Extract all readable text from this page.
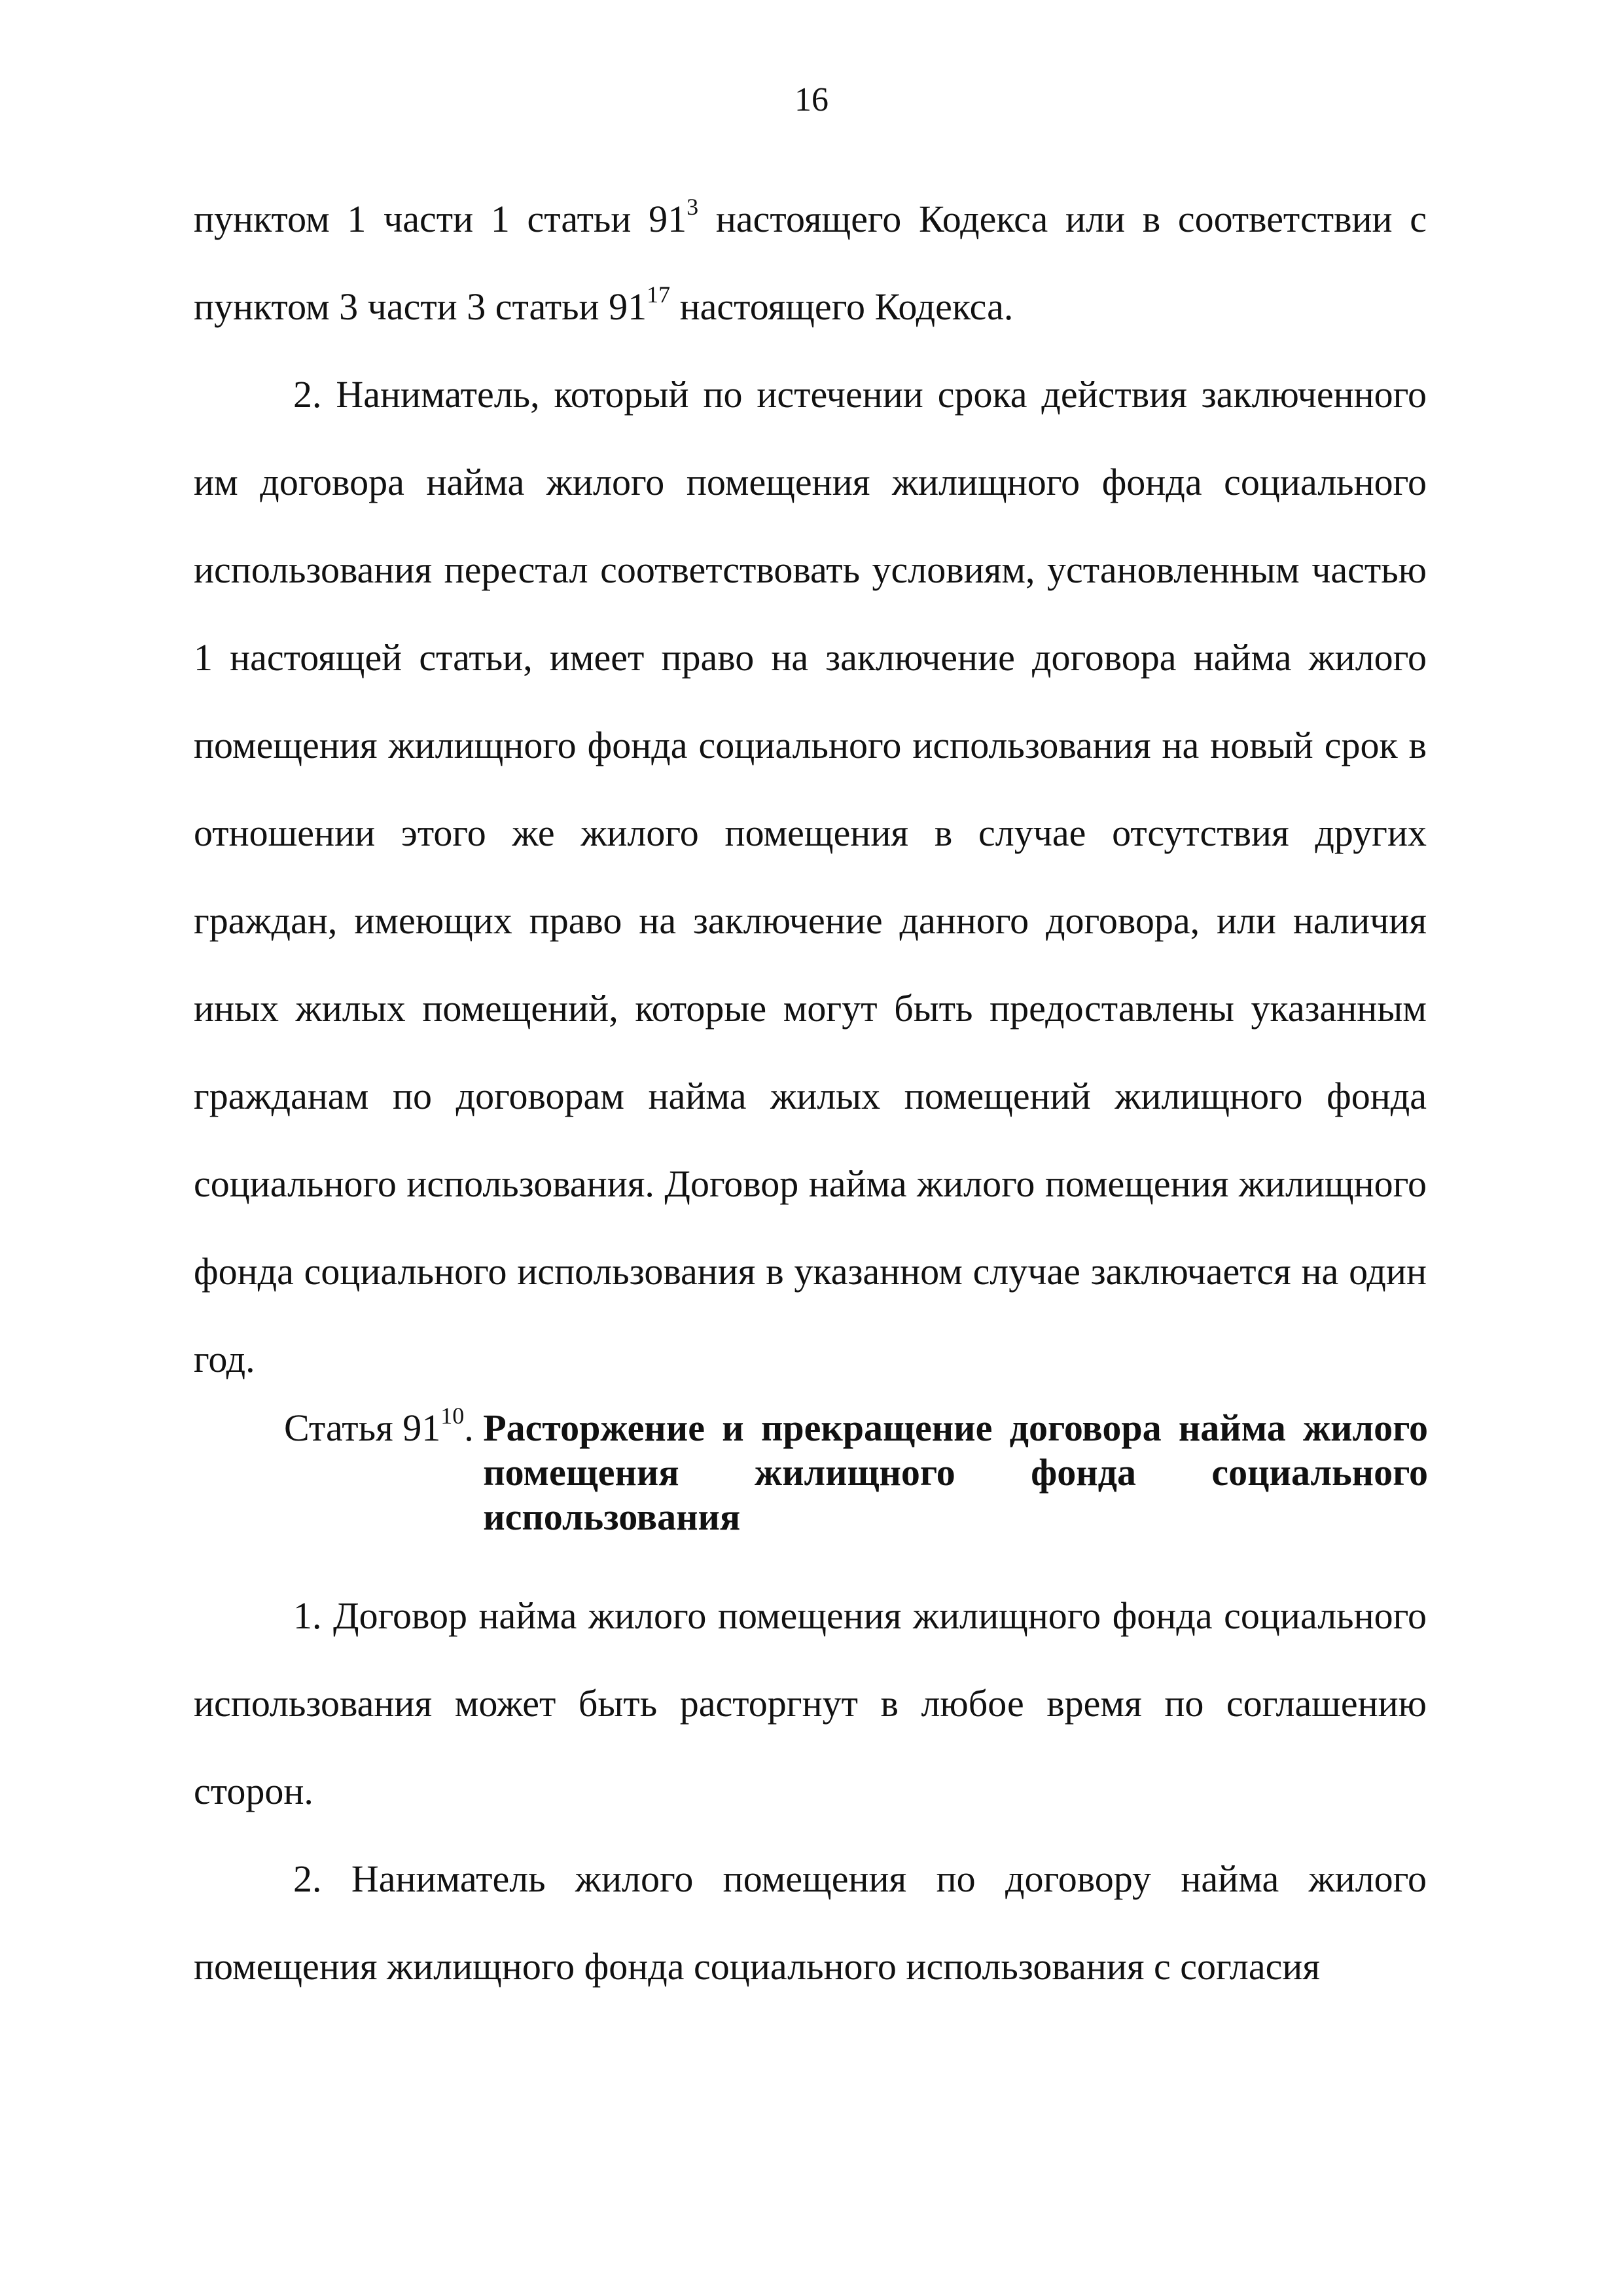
16

пунктом 1 части 1 статьи $91^3$ настоящего Кодекса или в соответствии с пунктом 3 части 3 статьи $91^{17}$ настоящего Кодекса.

2. Наниматель, который по истечении срока действия заключенного им договора найма жилого помещения жилищного фонда социального использования перестал соответствовать условиям, установленным частью 1 настоящей статьи, имеет право на заключение договора найма жилого помещения жилищного фонда социального использования на новый срок в отношении этого же жилого помещения в случае отсутствия других граждан, имеющих право на заключение данного договора, или наличия иных жилых помещений, которые могут быть предоставлены указанным гражданам по договорам найма жилых помещений жилищного фонда социального использования. Договор найма жилого помещения жилищного фонда социального использования в указанном случае заключается на один год.

Статья $91^{10}$. Расторжение и прекращение договора найма жилого помещения жилищного фонда социального использования

1. Договор найма жилого помещения жилищного фонда социального использования может быть расторгнут в любое время по соглашению сторон.

2. Наниматель жилого помещения по договору найма жилого помещения жилищного фонда социального использования с согласия
